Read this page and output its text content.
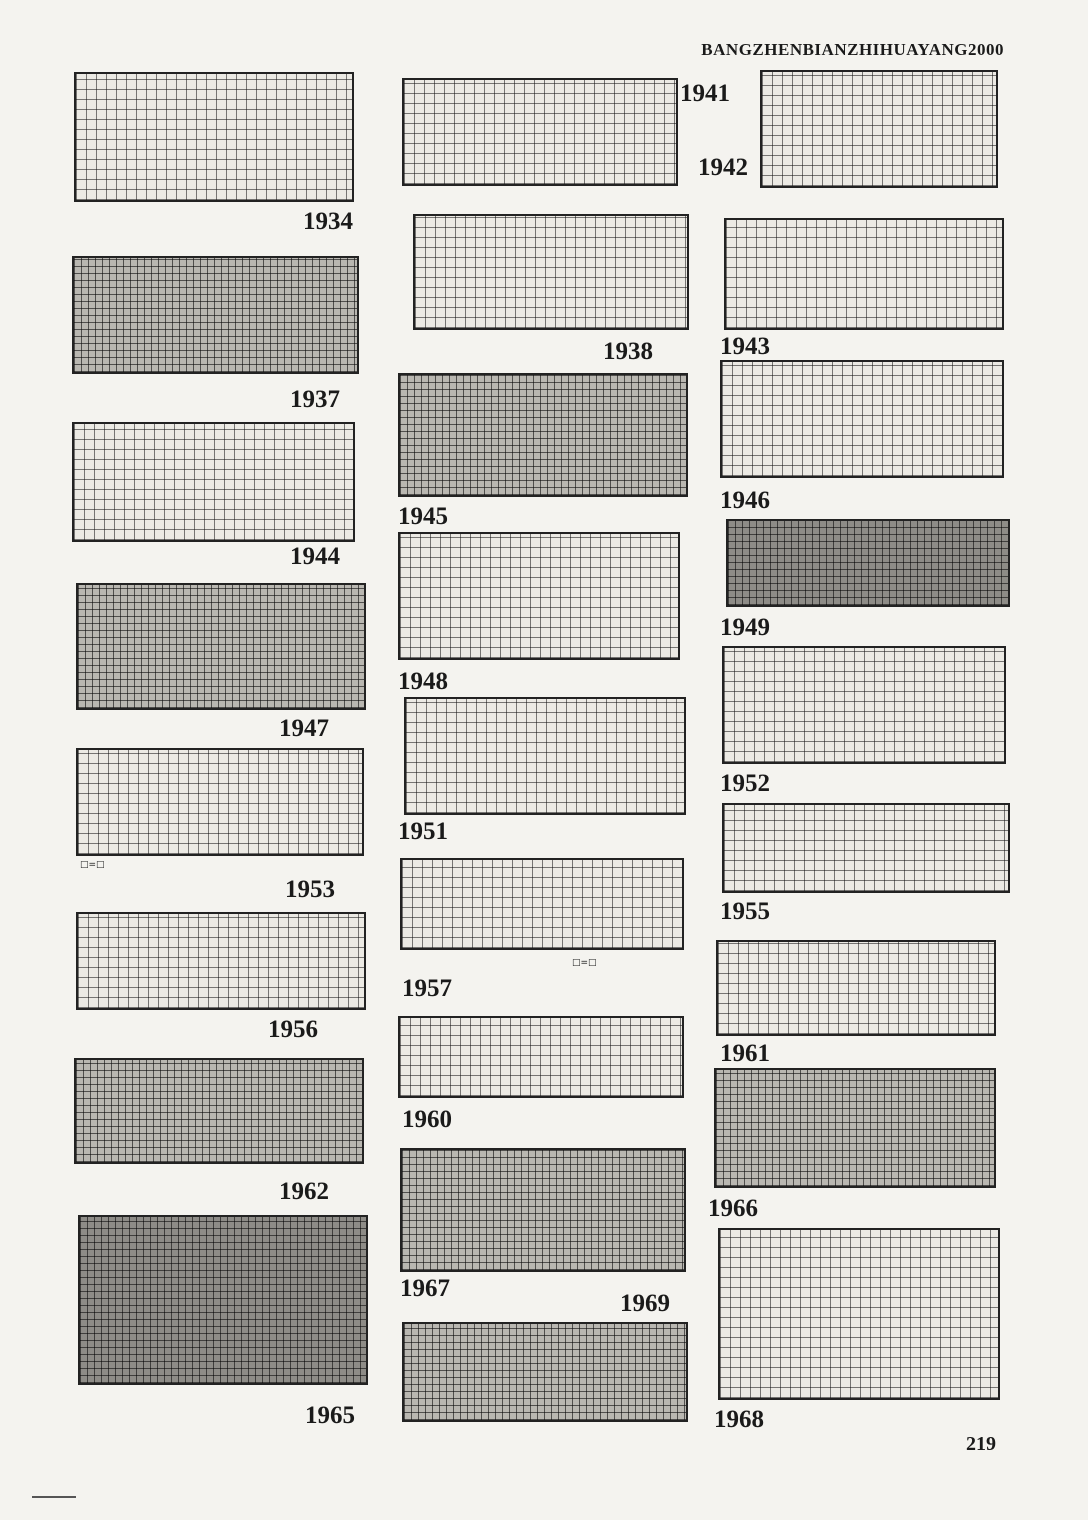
BANGZHENBIANZHIHUAYANG2000
1934
1937
1944
1947
□=□
1953
1956
1962
1965
1941
1938
1945
1948
1951
□=□
1957
1960
1967
1969
1942
1943
1946
1949
1952
1955
1961
1966
1968
219
